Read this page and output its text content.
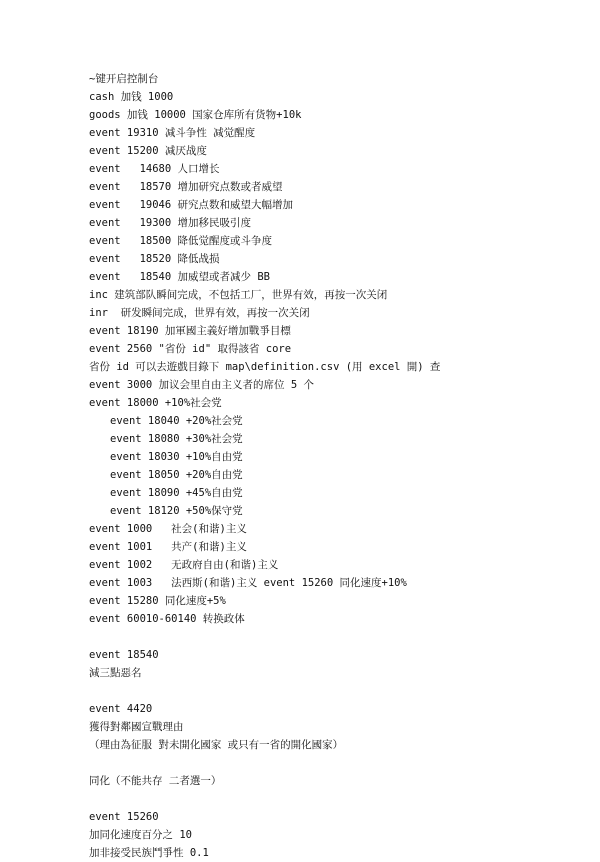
~键开启控制台
cash 加钱 1000
goods 加钱 10000 国家仓库所有货物+10k
event 19310 减斗争性 减觉醒度
event 15200 减厌战度
event   14680 人口增长
event   18570 增加研究点数或者威望
event   19046 研究点数和威望大幅增加
event   19300 增加移民吸引度
event   18500 降低觉醒度或斗争度
event   18520 降低战损
event   18540 加威望或者减少 BB
inc 建筑部队瞬间完成，不包括工厂，世界有效，再按一次关闭
inr  研发瞬间完成，世界有效，再按一次关闭
event 18190 加軍國主義好增加戰爭目標
event 2560 "省份 id" 取得該省 core
省份 id 可以去遊戲目錄下 map\definition.csv (用 excel 開) 查
event 3000 加议会里自由主义者的席位 5 个
event 18000 +10%社会党
event 18040 +20%社会党
event 18080 +30%社会党
event 18030 +10%自由党
event 18050 +20%自由党
event 18090 +45%自由党
event 18120 +50%保守党
event 1000   社会(和谐)主义
event 1001   共产(和谐)主义
event 1002   无政府自由(和谐)主义
event 1003   法西斯(和谐)主义 event 15260 同化速度+10%
event 15280 同化速度+5%
event 60010-60140 转换政体
event 18540
減三點惡名
event 4420
獲得對鄰國宣戰理由
（理由為征服 對未開化國家 或只有一省的開化國家）
同化（不能共存 二者選一）
event 15260
加同化速度百分之 10
加非接受民族鬥爭性 0.1
